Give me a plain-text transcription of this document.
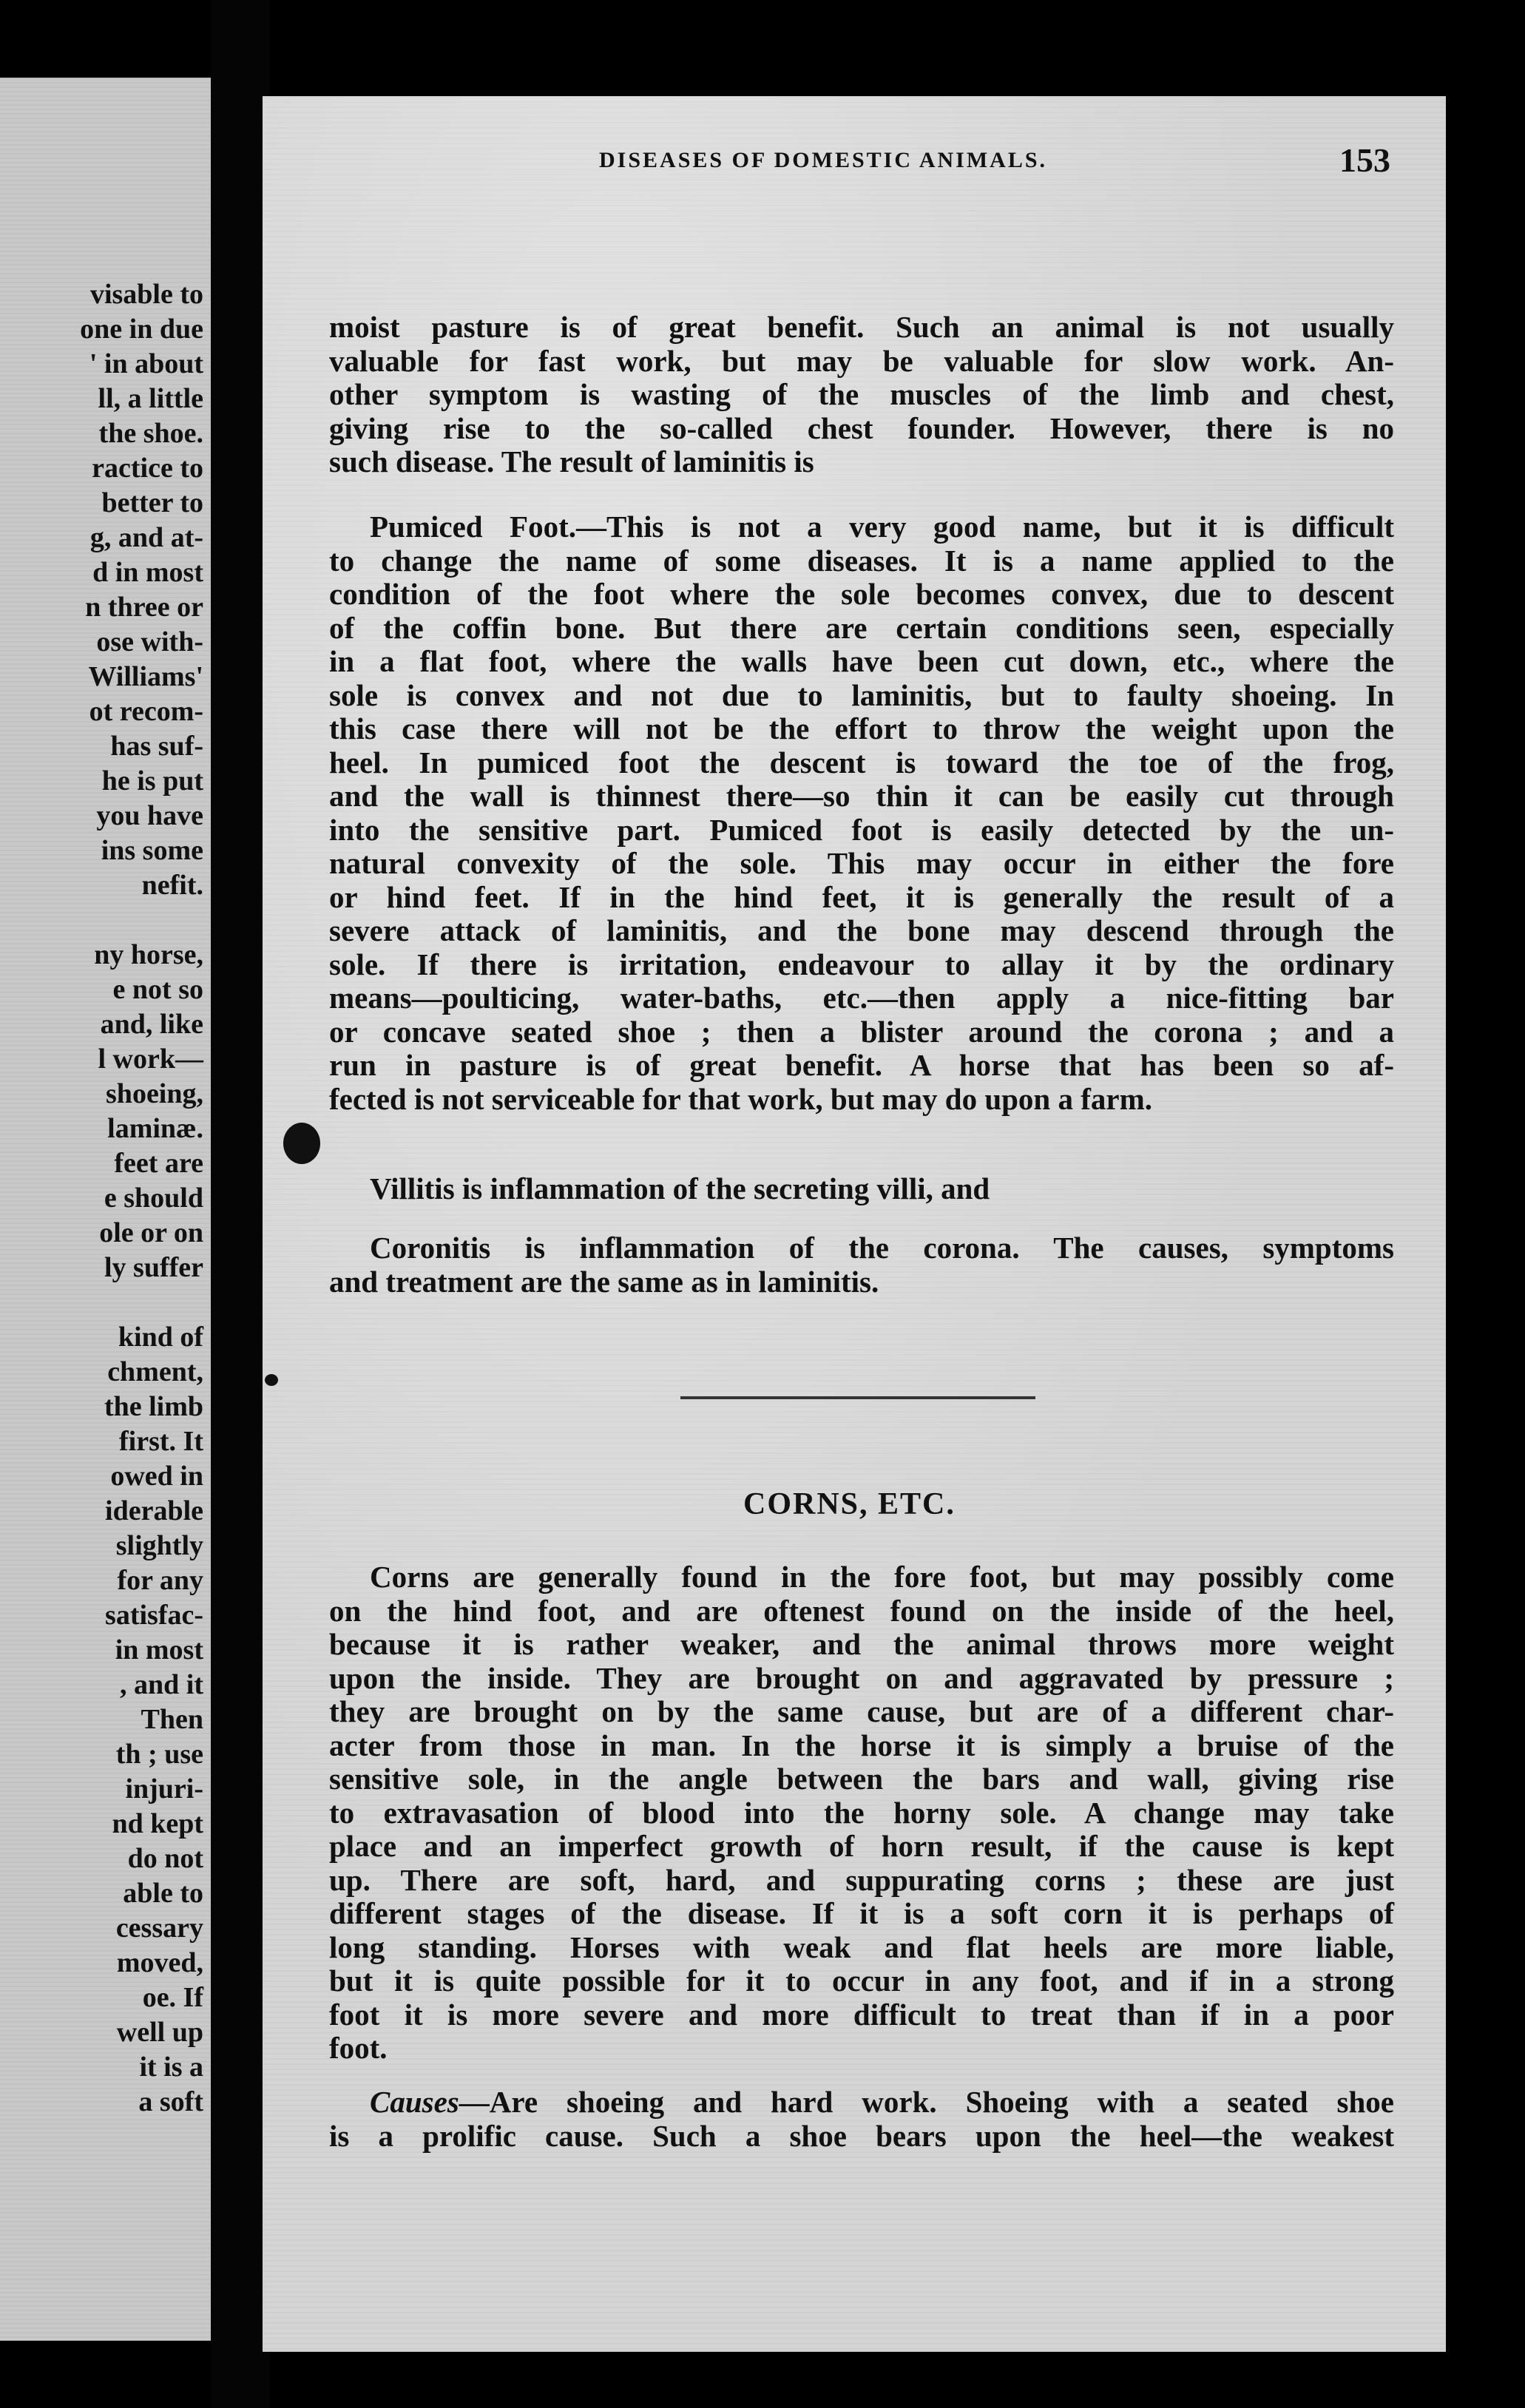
visable to
one in due
' in about
ll, a little
the shoe.
ractice to
better to
g, and at-
d in most
n three or
ose with-
Williams'
ot recom-
has suf-
he is put
you have
ins some
nefit.

ny horse,
e not so
and, like
l work—
shoeing,
laminæ.
feet are
e should
ole or on
ly suffer

kind of
chment,
the limb
first. It
owed in
iderable
slightly
for any
satisfac-
in most
, and it
Then
th ; use
injuri-
nd kept
do not
able to
cessary
moved,
oe. If
well up
it is a
a soft
DISEASES OF DOMESTIC ANIMALS.	153
moist pasture is of great benefit. Such an animal is not usually
valuable for fast work, but may be valuable for slow work. An-
other symptom is wasting of the muscles of the limb and chest,
giving rise to the so-called chest founder. However, there is no
such disease. The result of laminitis is
Pumiced Foot.—This is not a very good name, but it is difficult
to change the name of some diseases. It is a name applied to the
condition of the foot where the sole becomes convex, due to descent
of the coffin bone. But there are certain conditions seen, especially
in a flat foot, where the walls have been cut down, etc., where the
sole is convex and not due to laminitis, but to faulty shoeing. In
this case there will not be the effort to throw the weight upon the
heel. In pumiced foot the descent is toward the toe of the frog,
and the wall is thinnest there—so thin it can be easily cut through
into the sensitive part. Pumiced foot is easily detected by the un-
natural convexity of the sole. This may occur in either the fore
or hind feet. If in the hind feet, it is generally the result of a
severe attack of laminitis, and the bone may descend through the
sole. If there is irritation, endeavour to allay it by the ordinary
means—poulticing, water-baths, etc.—then apply a nice-fitting bar
or concave seated shoe ; then a blister around the corona ; and a
run in pasture is of great benefit. A horse that has been so af-
fected is not serviceable for that work, but may do upon a farm.
Villitis is inflammation of the secreting villi, and
Coronitis is inflammation of the corona. The causes, symptoms
and treatment are the same as in laminitis.
CORNS, ETC.
Corns are generally found in the fore foot, but may possibly come
on the hind foot, and are oftenest found on the inside of the heel,
because it is rather weaker, and the animal throws more weight
upon the inside. They are brought on and aggravated by pressure ;
they are brought on by the same cause, but are of a different char-
acter from those in man. In the horse it is simply a bruise of the
sensitive sole, in the angle between the bars and wall, giving rise
to extravasation of blood into the horny sole. A change may take
place and an imperfect growth of horn result, if the cause is kept
up. There are soft, hard, and suppurating corns ; these are just
different stages of the disease. If it is a soft corn it is perhaps of
long standing. Horses with weak and flat heels are more liable,
but it is quite possible for it to occur in any foot, and if in a strong
foot it is more severe and more difficult to treat than if in a poor
foot.
Causes—Are shoeing and hard work. Shoeing with a seated shoe
is a prolific cause. Such a shoe bears upon the heel—the weakest
